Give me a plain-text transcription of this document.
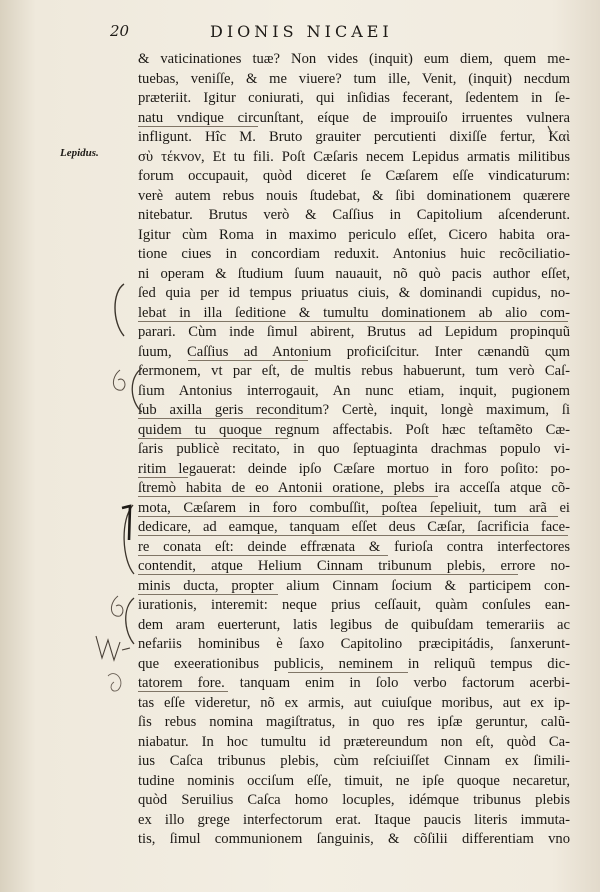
20	DIONIS NICAEI
Lepidus.
& vaticinationes tuæ? Non vides (inquit) eum diem, quem me-
tuebas, veniſſe, & me viuere? tum ille, Venit, (inquit) necdum
præteriit. Igitur coniurati, qui inſidias fecerant, ſedentem in ſe-
natu vndique circunſtant, eíque de improuiſo irruentes vulnera
infligunt. Hîc M. Bruto grauiter percutienti dixiſſe fertur, Καὶ
σὺ τέκνον, Et tu fili. Poſt Cæſaris necem Lepidus armatis militibus
forum occupauit, quòd diceret ſe Cæſarem eſſe vindicaturum:
verè autem rebus nouis ſtudebat, & ſibi dominationem quærere
nitebatur. Brutus verò & Caſſius in Capitolium aſcenderunt.
Igitur cùm Roma in maximo periculo eſſet, Cicero habita ora-
tione ciues in concordiam reduxit. Antonius huic recõciliatio-
ni operam & ſtudium ſuum nauauit, nõ quò pacis author eſſet,
ſed quia per id tempus priuatus ciuis, & dominandi cupidus, no-
lebat in illa ſeditione & tumultu dominationem ab alio com-
parari. Cùm inde ſimul abirent, Brutus ad Lepidum propinquũ
ſuum, Caſſius ad Antonium proficiſcitur. Inter cænandũ cum
ſermonem, vt par eſt, de multis rebus habuerunt, tum verò Caſ-
ſium Antonius interrogauit, An nunc etiam, inquit, pugionem
ſub axilla geris reconditum? Certè, inquit, longè maximum, ſi
quidem tu quoque regnum affectabis. Poſt hæc teſtamẽto Cæ-
ſaris publicè recitato, in quo ſeptuaginta drachmas populo vi-
ritim legauerat: deinde ipſo Cæſare mortuo in foro poſito: po-
ſtremò habita de eo Antonii oratione, plebs ira acceſſa atque cõ-
mota, Cæſarem in foro combuſſit, poſtea ſepeliuit, tum arã ei
dedicare, ad eamque, tanquam eſſet deus Cæſar, ſacrificia face-
re conata eſt: deinde effrænata & furioſa contra interfectores
contendit, atque Helium Cinnam tribunum plebis, errore no-
minis ducta, propter alium Cinnam ſocium & participem con-
iurationis, interemit: neque prius ceſſauit, quàm conſules ean-
dem aram euerterunt, latis legibus de quibuſdam temerariis ac
nefariis hominibus è ſaxo Capitolino præcipitádis, ſanxerunt-
que exeerationibus publicis, neminem in reliquũ tempus dic-
tatorem fore. tanquam enim in ſolo verbo factorum acerbi-
tas eſſe videretur, nõ ex armis, aut cuiuſque moribus, aut ex ip-
ſis rebus nomina magiſtratus, in quo res ipſæ geruntur, calũ-
niabatur. In hoc tumultu id prætereundum non eſt, quòd Ca-
ius Caſca tribunus plebis, cùm reſciuiſſet Cinnam ex ſimili-
tudine nominis occiſum eſſe, timuit, ne ipſe quoque necaretur,
quòd Seruilius Caſca homo locuples, idémque tribunus plebis
ex illo grege interfectorum erat. Itaque paucis literis immuta-
tis, ſimul communionem ſanguinis, & cõſilii differentiam vno
